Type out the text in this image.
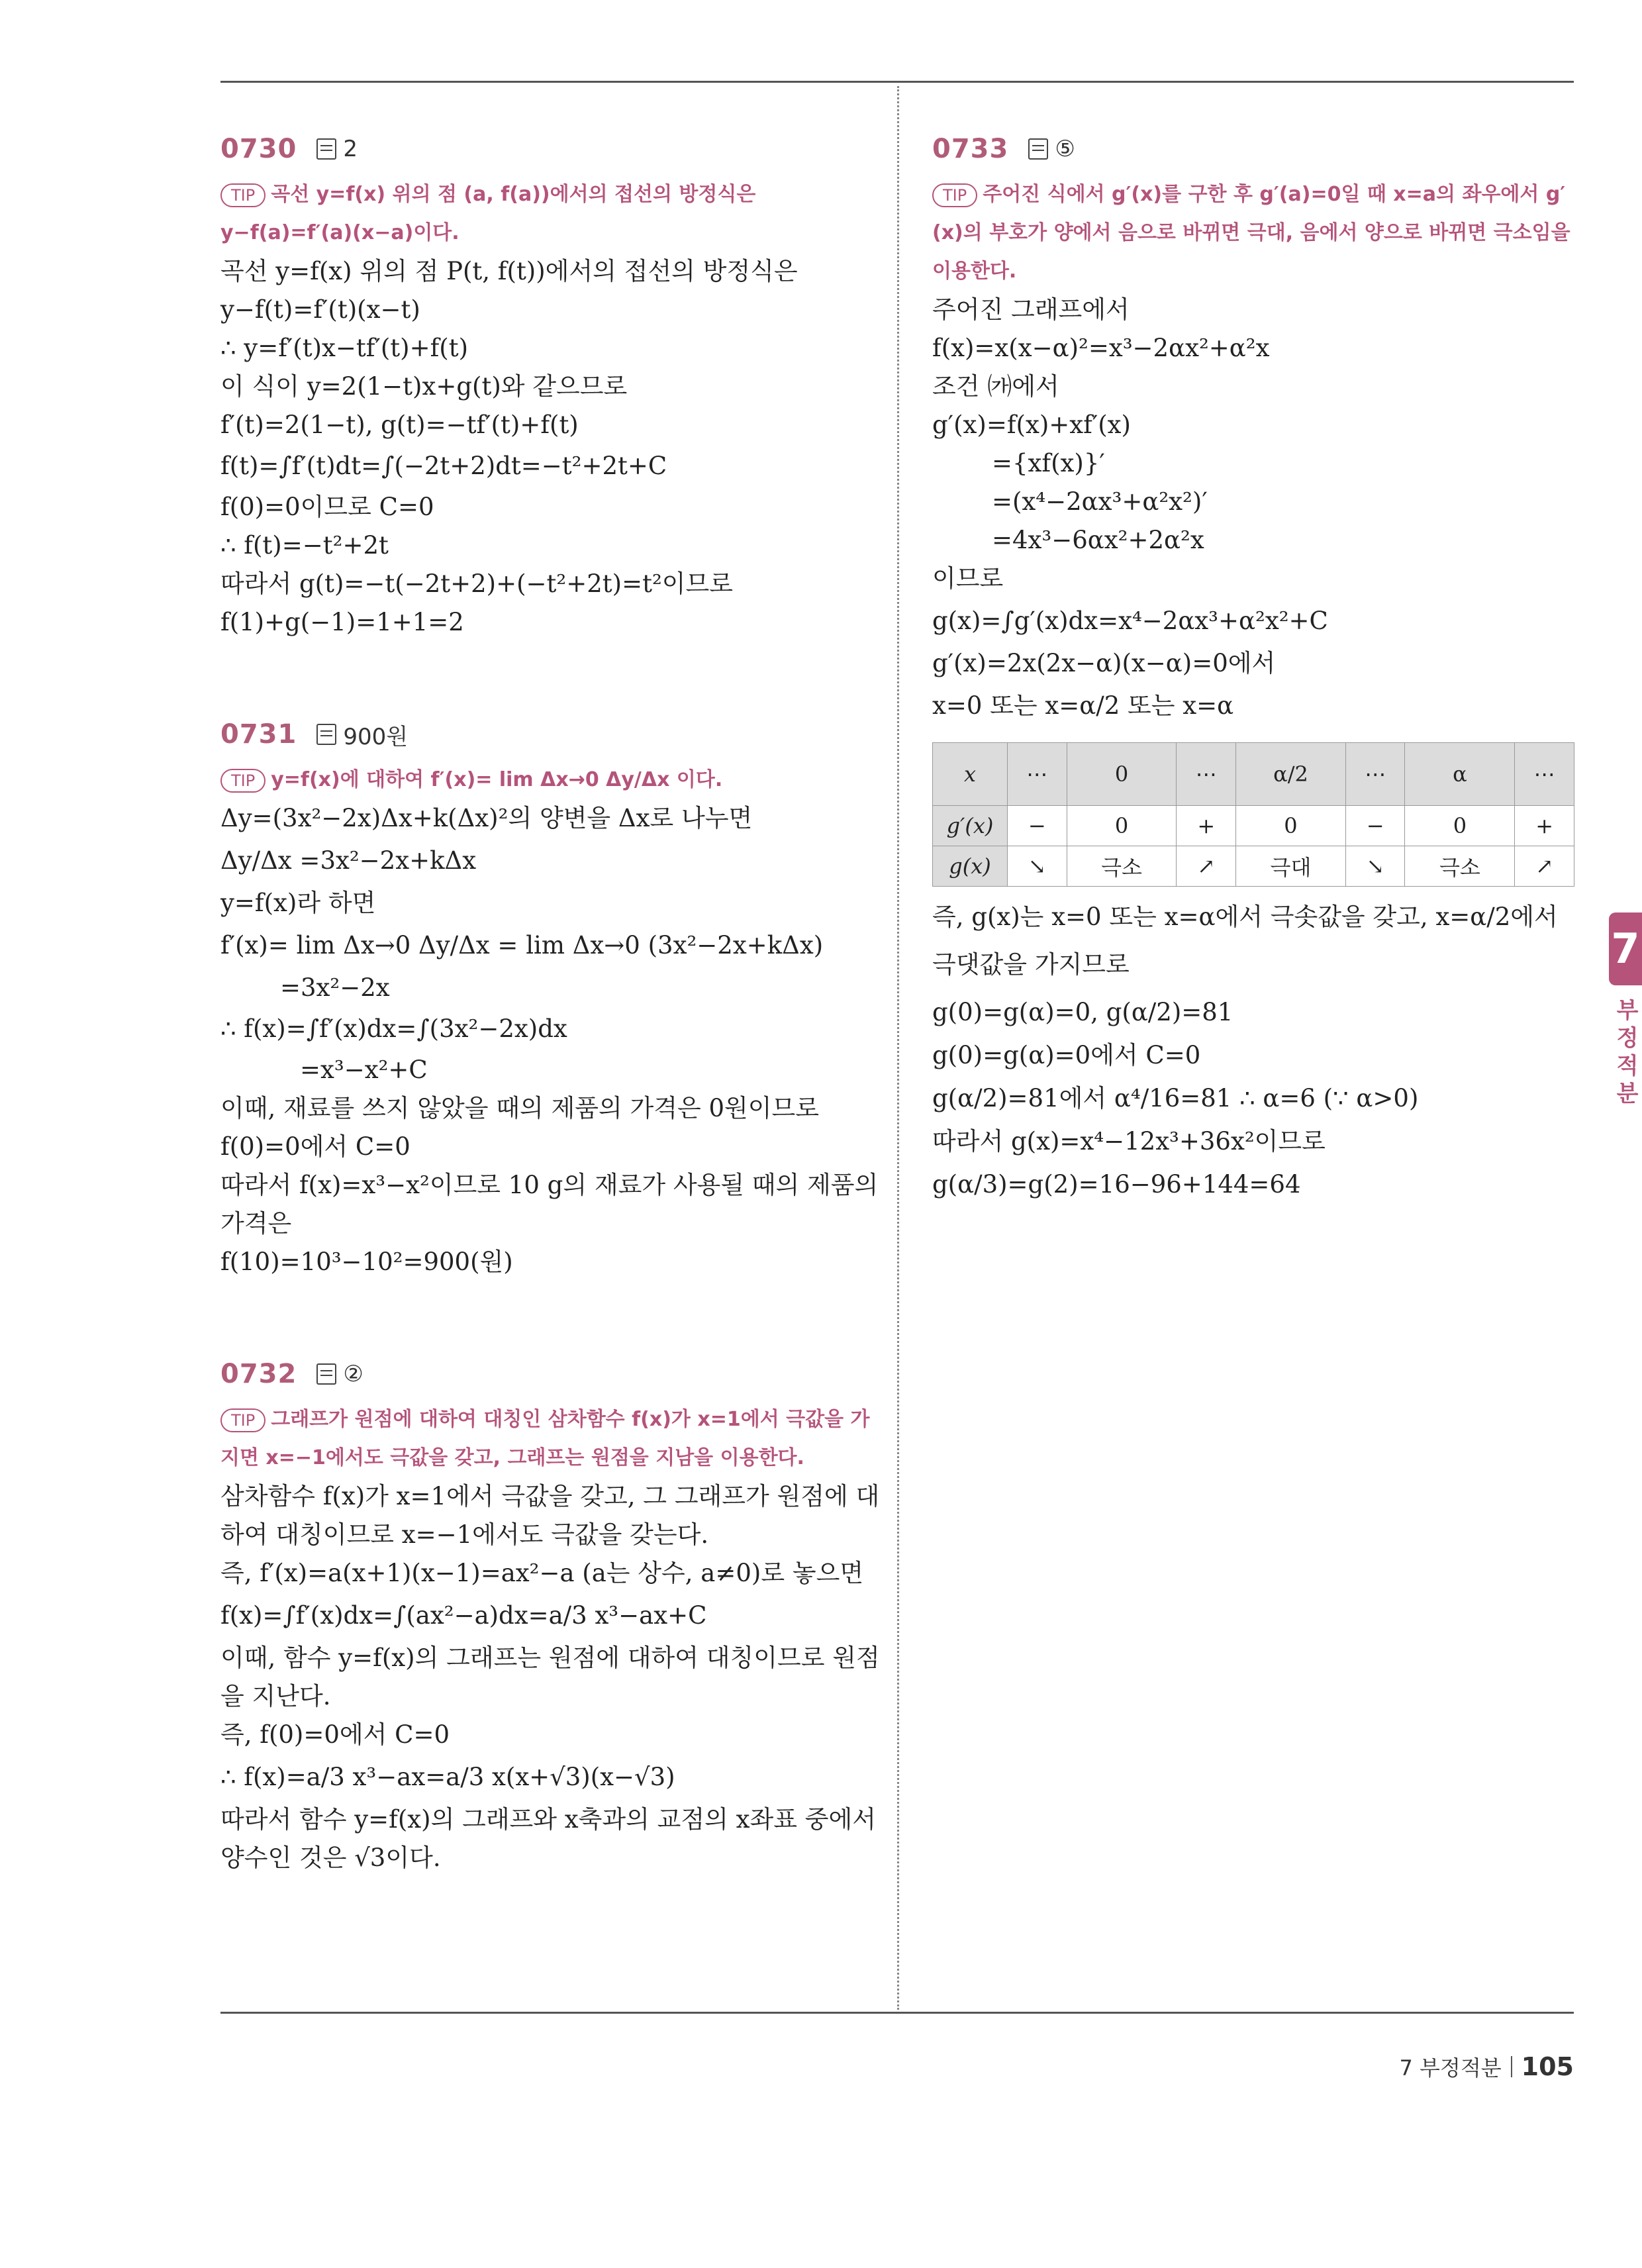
0730 2
TIP 곡선 y=f(x) 위의 점 (a, f(a))에서의 접선의 방정식은
y−f(a)=f′(a)(x−a)이다.
곡선 y=f(x) 위의 점 P(t, f(t))에서의 접선의 방정식은
y−f(t)=f′(t)(x−t)
∴ y=f′(t)x−tf′(t)+f(t)
이 식이 y=2(1−t)x+g(t)와 같으므로
f′(t)=2(1−t), g(t)=−tf′(t)+f(t)
f(t)=∫f′(t)dt=∫(−2t+2)dt=−t²+2t+C
f(0)=0이므로 C=0
∴ f(t)=−t²+2t
따라서 g(t)=−t(−2t+2)+(−t²+2t)=t²이므로
f(1)+g(−1)=1+1=2
0731 900원
TIP y=f(x)에 대하여 f′(x)= lim Δx→0 Δy/Δx 이다.
Δy=(3x²−2x)Δx+k(Δx)²의 양변을 Δx로 나누면
Δy/Δx =3x²−2x+kΔx
y=f(x)라 하면
f′(x)= lim Δx→0 Δy/Δx = lim Δx→0 (3x²−2x+kΔx)
=3x²−2x
∴ f(x)=∫f′(x)dx=∫(3x²−2x)dx
=x³−x²+C
이때, 재료를 쓰지 않았을 때의 제품의 가격은 0원이므로
f(0)=0에서 C=0
따라서 f(x)=x³−x²이므로 10 g의 재료가 사용될 때의 제품의 가격은
f(10)=10³−10²=900(원)
0732 ②
TIP 그래프가 원점에 대하여 대칭인 삼차함수 f(x)가 x=1에서 극값을 가지면 x=−1에서도 극값을 갖고, 그래프는 원점을 지남을 이용한다.
삼차함수 f(x)가 x=1에서 극값을 갖고, 그 그래프가 원점에 대하여 대칭이므로 x=−1에서도 극값을 갖는다.
즉, f′(x)=a(x+1)(x−1)=ax²−a (a는 상수, a≠0)로 놓으면
f(x)=∫f′(x)dx=∫(ax²−a)dx=a/3 x³−ax+C
이때, 함수 y=f(x)의 그래프는 원점에 대하여 대칭이므로 원점을 지난다.
즉, f(0)=0에서 C=0
∴ f(x)=a/3 x³−ax=a/3 x(x+√3)(x−√3)
따라서 함수 y=f(x)의 그래프와 x축과의 교점의 x좌표 중에서 양수인 것은 √3이다.
0733 ⑤
TIP 주어진 식에서 g′(x)를 구한 후 g′(a)=0일 때 x=a의 좌우에서 g′(x)의 부호가 양에서 음으로 바뀌면 극대, 음에서 양으로 바뀌면 극소임을 이용한다.
주어진 그래프에서
f(x)=x(x−α)²=x³−2αx²+α²x
조건 ㈎에서
g′(x)=f(x)+xf′(x)
={xf(x)}′
=(x⁴−2αx³+α²x²)′
=4x³−6αx²+2α²x
이므로
g(x)=∫g′(x)dx=x⁴−2αx³+α²x²+C
g′(x)=2x(2x−α)(x−α)=0에서
x=0 또는 x=α/2 또는 x=α
x	⋯	0	⋯	α/2	⋯	α	⋯
g′(x)	−	0	+	0	−	0	+
g(x)	↘	극소	↗	극대	↘	극소	↗
즉, g(x)는 x=0 또는 x=α에서 극솟값을 갖고, x=α/2에서 극댓값을 가지므로
g(0)=g(α)=0, g(α/2)=81
g(0)=g(α)=0에서 C=0
g(α/2)=81에서 α⁴/16=81 ∴ α=6 (∵ α>0)
따라서 g(x)=x⁴−12x³+36x²이므로
g(α/3)=g(2)=16−96+144=64
7
부정적분
7 부정적분 105
